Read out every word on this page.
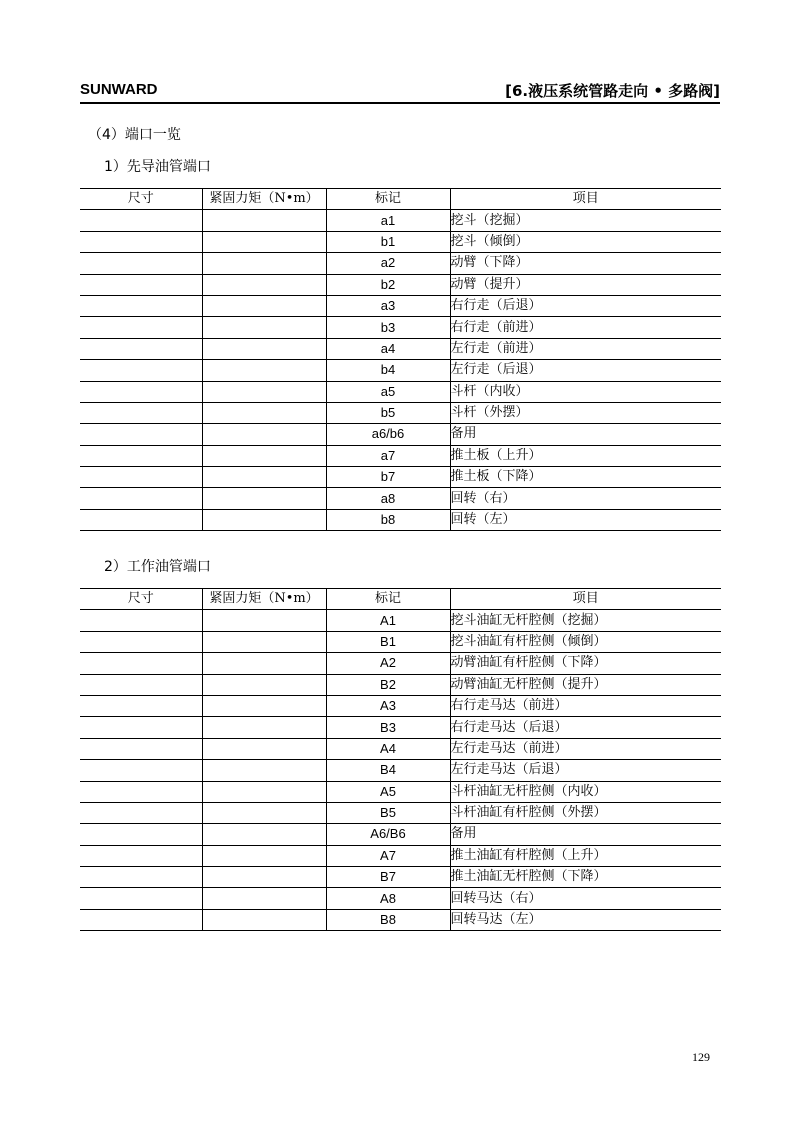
SUNWARD	[6.液压系统管路走向 • 多路阀]
（4）端口一览
1）先导油管端口
尺寸	紧固力矩（N•m）	标记	项目
		a1	挖斗（挖掘）
		b1	挖斗（倾倒）
		a2	动臂（下降）
		b2	动臂（提升）
		a3	右行走（后退）
		b3	右行走（前进）
		a4	左行走（前进）
		b4	左行走（后退）
		a5	斗杆（内收）
		b5	斗杆（外摆）
		a6/b6	备用
		a7	推土板（上升）
		b7	推土板（下降）
		a8	回转（右）
		b8	回转（左）
2）工作油管端口
尺寸	紧固力矩（N•m）	标记	项目
		A1	挖斗油缸无杆腔侧（挖掘）
		B1	挖斗油缸有杆腔侧（倾倒）
		A2	动臂油缸有杆腔侧（下降）
		B2	动臂油缸无杆腔侧（提升）
		A3	右行走马达（前进）
		B3	右行走马达（后退）
		A4	左行走马达（前进）
		B4	左行走马达（后退）
		A5	斗杆油缸无杆腔侧（内收）
		B5	斗杆油缸有杆腔侧（外摆）
		A6/B6	备用
		A7	推土油缸有杆腔侧（上升）
		B7	推土油缸无杆腔侧（下降）
		A8	回转马达（右）
		B8	回转马达（左）
129
